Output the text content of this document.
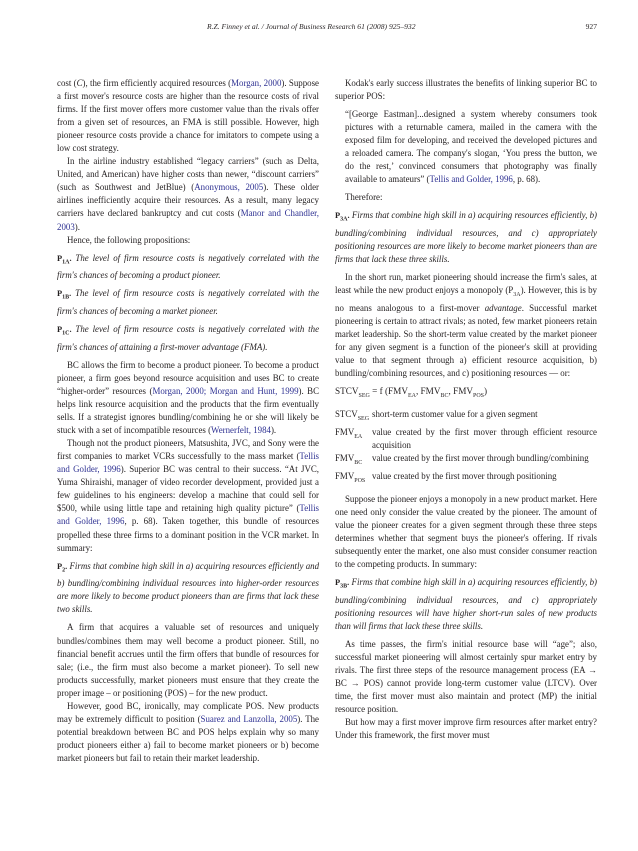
R.Z. Finney et al. / Journal of Business Research 61 (2008) 925–932	927

cost (C), the firm efficiently acquired resources (Morgan, 2000). Suppose a first mover's resource costs are higher than the resource costs of rival firms. If the first mover offers more customer value than the rivals offer from a given set of resources, an FMA is still possible. However, high pioneer resource costs provide a chance for imitators to compete using a low cost strategy.

In the airline industry established “legacy carriers” (such as Delta, United, and American) have higher costs than newer, “discount carriers” (such as Southwest and JetBlue) (Anonymous, 2005). These older airlines inefficiently acquire their resources. As a result, many legacy carriers have declared bankruptcy and cut costs (Manor and Chandler, 2003).

Hence, the following propositions:

$P_{1A}$. The level of firm resource costs is negatively correlated with the firm's chances of becoming a product pioneer.

$P_{1B}$. The level of firm resource costs is negatively correlated with the firm's chances of becoming a market pioneer.

$P_{1C}$. The level of firm resource costs is negatively correlated with the firm's chances of attaining a first-mover advantage (FMA).

BC allows the firm to become a product pioneer. To become a product pioneer, a firm goes beyond resource acquisition and uses BC to create “higher-order” resources (Morgan, 2000; Morgan and Hunt, 1999). BC helps link resource acquisition and the products that the firm eventually sells. If a strategist ignores bundling/combining he or she will likely be stuck with a set of incompatible resources (Wernerfelt, 1984).

Though not the product pioneers, Matsushita, JVC, and Sony were the first companies to market VCRs successfully to the mass market (Tellis and Golder, 1996). Superior BC was central to their success. “At JVC, Yuma Shiraishi, manager of video recorder development, provided just a few guidelines to his engineers: develop a machine that could sell for $500, while using little tape and retaining high quality picture” (Tellis and Golder, 1996, p. 68). Taken together, this bundle of resources propelled these three firms to a dominant position in the VCR market. In summary:

$P_2$. Firms that combine high skill in a) acquiring resources efficiently and b) bundling/combining individual resources into higher-order resources are more likely to become product pioneers than are firms that lack these two skills.

A firm that acquires a valuable set of resources and uniquely bundles/combines them may well become a product pioneer. Still, no financial benefit accrues until the firm offers that bundle of resources for sale; (i.e., the firm must also become a market pioneer). To sell new products successfully, market pioneers must ensure that they create the proper image – or positioning (POS) – for the new product.

However, good BC, ironically, may complicate POS. New products may be extremely difficult to position (Suarez and Lanzolla, 2005). The potential breakdown between BC and POS helps explain why so many product pioneers either a) fail to become market pioneers or b) become market pioneers but fail to retain their market leadership.

Kodak's early success illustrates the benefits of linking superior BC to superior POS:

“[George Eastman]...designed a system whereby consumers took pictures with a returnable camera, mailed in the camera with the exposed film for developing, and received the developed pictures and a reloaded camera. The company's slogan, ‘You press the button, we do the rest,’ convinced consumers that photography was finally available to amateurs” (Tellis and Golder, 1996, p. 68).

Therefore:

$P_{3A}$. Firms that combine high skill in a) acquiring resources efficiently, b) bundling/combining individual resources, and c) appropriately positioning resources are more likely to become market pioneers than are firms that lack these three skills.

In the short run, market pioneering should increase the firm's sales, at least while the new product enjoys a monopoly $(P_{3A})$. However, this is by no means analogous to a first-mover advantage. Successful market pioneering is certain to attract rivals; as noted, few market pioneers retain market leadership. So the short-term value created by the market pioneer for any given segment is a function of the pioneer's skill at providing value to that segment through a) efficient resource acquisition, b) bundling/combining resources, and c) positioning resources — or:

$STCV_{SEG} = f$ ($FMV_{EA}$, $FMV_{BC}$, $FMV_{POS}$)

$STCV_{SEG}$ short-term customer value for a given segment
$FMV_{EA}$	value created by the first mover through efficient resource acquisition
$FMV_{BC}$	value created by the first mover through bundling/combining
$FMV_{POS}$ value created by the first mover through positioning

Suppose the pioneer enjoys a monopoly in a new product market. Here one need only consider the value created by the pioneer. The amount of value the pioneer creates for a given segment through these three steps determines whether that segment buys the pioneer's offering. If rivals subsequently enter the market, one also must consider consumer reaction to the competing products. In summary:

$P_{3B}$. Firms that combine high skill in a) acquiring resources efficiently, b) bundling/combining individual resources, and c) appropriately positioning resources will have higher short-run sales of new products than will firms that lack these three skills.

As time passes, the firm's initial resource base will “age”; also, successful market pioneering will almost certainly spur market entry by rivals. The first three steps of the resource management process (EA → BC → POS) cannot provide long-term customer value (LTCV). Over time, the first mover must also maintain and protect (MP) the initial resource position.

But how may a first mover improve firm resources after market entry? Under this framework, the first mover must
